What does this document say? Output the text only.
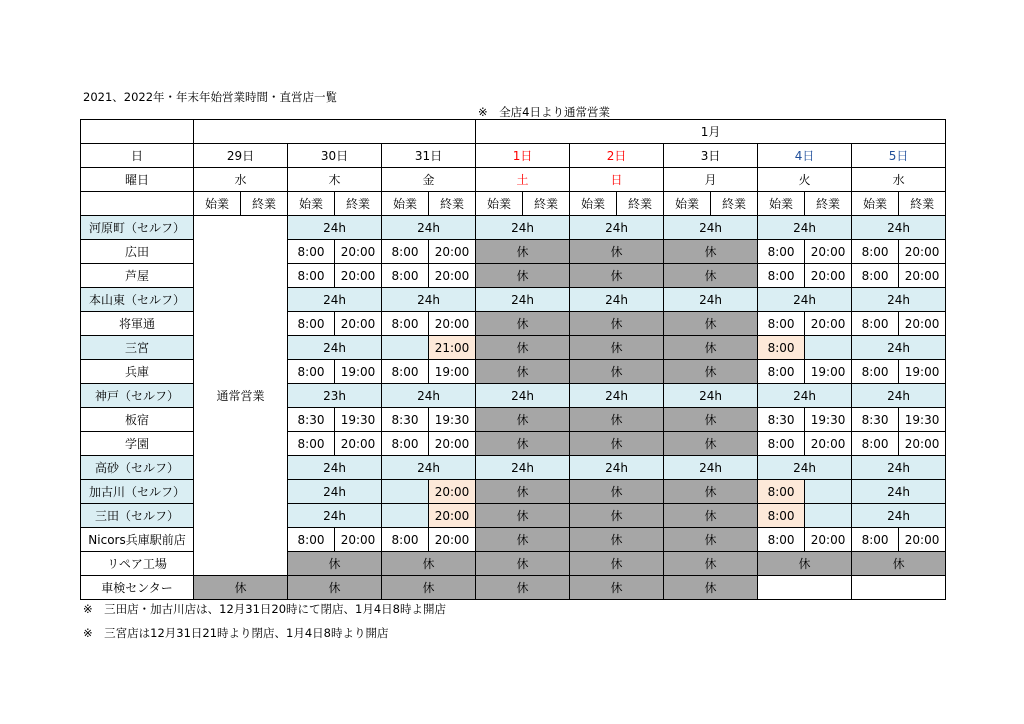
2021、2022年・年末年始営業時間・直営店一覧
※　全店4日より通常営業
							1月									
日	29日		30日		31日		1日		2日		3日		4日		5日	
曜日	水		木		金		土		日		月		火		水	
	始業	終業	始業	終業	始業	終業	始業	終業	始業	終業	始業	終業	始業	終業	始業	終業
河原町（セルフ）	通常営業		24h		24h		24h		24h		24h		24h		24h	
広田			8:00	20:00	8:00	20:00	休		休		休		8:00	20:00	8:00	20:00
芦屋			8:00	20:00	8:00	20:00	休		休		休		8:00	20:00	8:00	20:00
本山東（セルフ）			24h		24h		24h		24h		24h		24h		24h	
将軍通			8:00	20:00	8:00	20:00	休		休		休		8:00	20:00	8:00	20:00
三宮			24h			21:00	休		休		休		8:00		24h	
兵庫			8:00	19:00	8:00	19:00	休		休		休		8:00	19:00	8:00	19:00
神戸（セルフ）			23h		24h		24h		24h		24h		24h		24h	
板宿			8:30	19:30	8:30	19:30	休		休		休		8:30	19:30	8:30	19:30
学園			8:00	20:00	8:00	20:00	休		休		休		8:00	20:00	8:00	20:00
高砂（セルフ）			24h		24h		24h		24h		24h		24h		24h	
加古川（セルフ）			24h			20:00	休		休		休		8:00		24h	
三田（セルフ）			24h			20:00	休		休		休		8:00		24h	
Nicors兵庫駅前店			8:00	20:00	8:00	20:00	休		休		休		8:00	20:00	8:00	20:00
リペア工場			休		休		休		休		休		休		休	
車検センター	休		休		休		休		休		休					
※　三田店・加古川店は、12月31日20時にて閉店、1月4日8時よ開店
※　三宮店は12月31日21時より閉店、1月4日8時より開店
